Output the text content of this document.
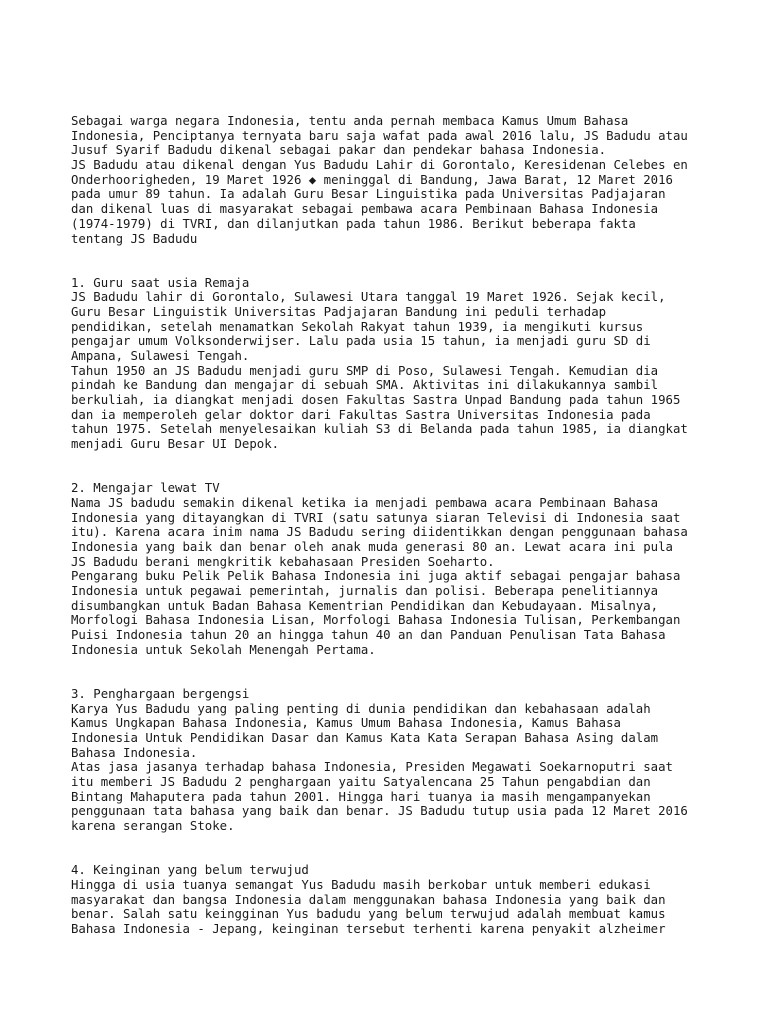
Sebagai warga negara Indonesia, tentu anda pernah membaca Kamus Umum Bahasa
Indonesia, Penciptanya ternyata baru saja wafat pada awal 2016 lalu, JS Badudu atau
Jusuf Syarif Badudu dikenal sebagai pakar dan pendekar bahasa Indonesia.
JS Badudu atau dikenal dengan Yus Badudu Lahir di Gorontalo, Keresidenan Celebes en
Onderhoorigheden, 19 Maret 1926 ◆ meninggal di Bandung, Jawa Barat, 12 Maret 2016
pada umur 89 tahun. Ia adalah Guru Besar Linguistika pada Universitas Padjajaran
dan dikenal luas di masyarakat sebagai pembawa acara Pembinaan Bahasa Indonesia
(1974-1979) di TVRI, dan dilanjutkan pada tahun 1986. Berikut beberapa fakta
tentang JS Badudu
1. Guru saat usia Remaja
JS Badudu lahir di Gorontalo, Sulawesi Utara tanggal 19 Maret 1926. Sejak kecil,
Guru Besar Linguistik Universitas Padjajaran Bandung ini peduli terhadap
pendidikan, setelah menamatkan Sekolah Rakyat tahun 1939, ia mengikuti kursus
pengajar umum Volksonderwijser. Lalu pada usia 15 tahun, ia menjadi guru SD di
Ampana, Sulawesi Tengah.
Tahun 1950 an JS Badudu menjadi guru SMP di Poso, Sulawesi Tengah. Kemudian dia
pindah ke Bandung dan mengajar di sebuah SMA. Aktivitas ini dilakukannya sambil
berkuliah, ia diangkat menjadi dosen Fakultas Sastra Unpad Bandung pada tahun 1965
dan ia memperoleh gelar doktor dari Fakultas Sastra Universitas Indonesia pada
tahun 1975. Setelah menyelesaikan kuliah S3 di Belanda pada tahun 1985, ia diangkat
menjadi Guru Besar UI Depok.
2. Mengajar lewat TV
Nama JS badudu semakin dikenal ketika ia menjadi pembawa acara Pembinaan Bahasa
Indonesia yang ditayangkan di TVRI (satu satunya siaran Televisi di Indonesia saat
itu). Karena acara inim nama JS Badudu sering diidentikkan dengan penggunaan bahasa
Indonesia yang baik dan benar oleh anak muda generasi 80 an. Lewat acara ini pula
JS Badudu berani mengkritik kebahasaan Presiden Soeharto.
Pengarang buku Pelik Pelik Bahasa Indonesia ini juga aktif sebagai pengajar bahasa
Indonesia untuk pegawai pemerintah, jurnalis dan polisi. Beberapa penelitiannya
disumbangkan untuk Badan Bahasa Kementrian Pendidikan dan Kebudayaan. Misalnya,
Morfologi Bahasa Indonesia Lisan, Morfologi Bahasa Indonesia Tulisan, Perkembangan
Puisi Indonesia tahun 20 an hingga tahun 40 an dan Panduan Penulisan Tata Bahasa
Indonesia untuk Sekolah Menengah Pertama.
3. Penghargaan bergengsi
Karya Yus Badudu yang paling penting di dunia pendidikan dan kebahasaan adalah
Kamus Ungkapan Bahasa Indonesia, Kamus Umum Bahasa Indonesia, Kamus Bahasa
Indonesia Untuk Pendidikan Dasar dan Kamus Kata Kata Serapan Bahasa Asing dalam
Bahasa Indonesia.
Atas jasa jasanya terhadap bahasa Indonesia, Presiden Megawati Soekarnoputri saat
itu memberi JS Badudu 2 penghargaan yaitu Satyalencana 25 Tahun pengabdian dan
Bintang Mahaputera pada tahun 2001. Hingga hari tuanya ia masih mengampanyekan
penggunaan tata bahasa yang baik dan benar. JS Badudu tutup usia pada 12 Maret 2016
karena serangan Stoke.
4. Keinginan yang belum terwujud
Hingga di usia tuanya semangat Yus Badudu masih berkobar untuk memberi edukasi
masyarakat dan bangsa Indonesia dalam menggunakan bahasa Indonesia yang baik dan
benar. Salah satu keingginan Yus badudu yang belum terwujud adalah membuat kamus
Bahasa Indonesia - Jepang, keinginan tersebut terhenti karena penyakit alzheimer
